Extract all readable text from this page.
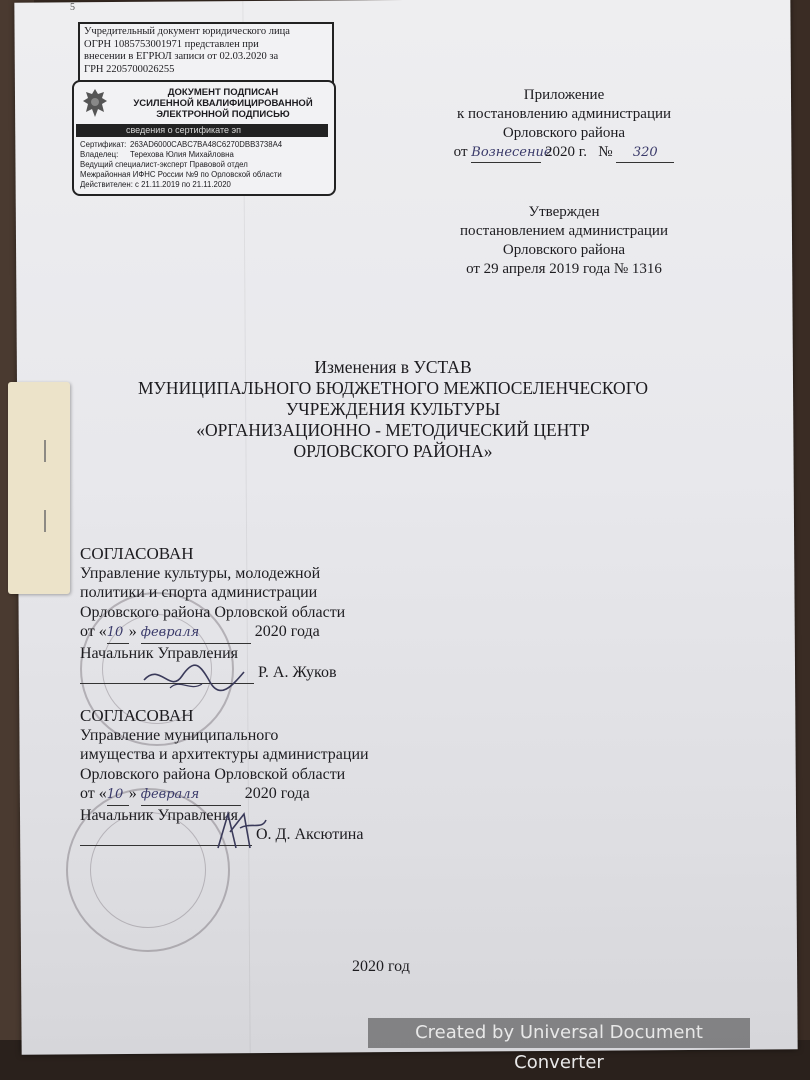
5
Учредительный документ юридического лица
ОГРН 1085753001971 представлен при
внесении в ЕГРЮЛ записи от 02.03.2020 за
ГРН 2205700026255
ДОКУМЕНТ ПОДПИСАН
УСИЛЕННОЙ КВАЛИФИЦИРОВАННОЙ
ЭЛЕКТРОННОЙ ПОДПИСЬЮ
сведения о сертификате эп
Сертификат: 263AD6000CABC7BA48C6270DBB3738A4
Владелец:	Терехова Юлия Михайловна
Ведущий специалист-эксперт Правовой отдел
Межрайонная ИФНС России №9 по Орловской области
Действителен: с 21.11.2019 по 21.11.2020
Приложение
к постановлению администрации
Орловского района
от Вознесение 2020 г. № 320
Утвержден
постановлением администрации
Орловского района
от 29 апреля 2019 года № 1316
Изменения в УСТАВ
МУНИЦИПАЛЬНОГО БЮДЖЕТНОГО МЕЖПОСЕЛЕНЧЕСКОГО
УЧРЕЖДЕНИЯ КУЛЬТУРЫ
«ОРГАНИЗАЦИОННО - МЕТОДИЧЕСКИЙ ЦЕНТР
ОРЛОВСКОГО РАЙОНА»
СОГЛАСОВАН
Управление культуры, молодежной
политики и спорта администрации
Орловского района Орловской области
от «10 » февраля	2020 года
Начальник Управления
Р. А. Жуков
СОГЛАСОВАН
Управление муниципального
имущества и архитектуры администрации
Орловского района Орловской области
от «10 » февраля	2020 года
Начальник Управления
О. Д. Аксютина
2020 год
Created by Universal Document Converter
